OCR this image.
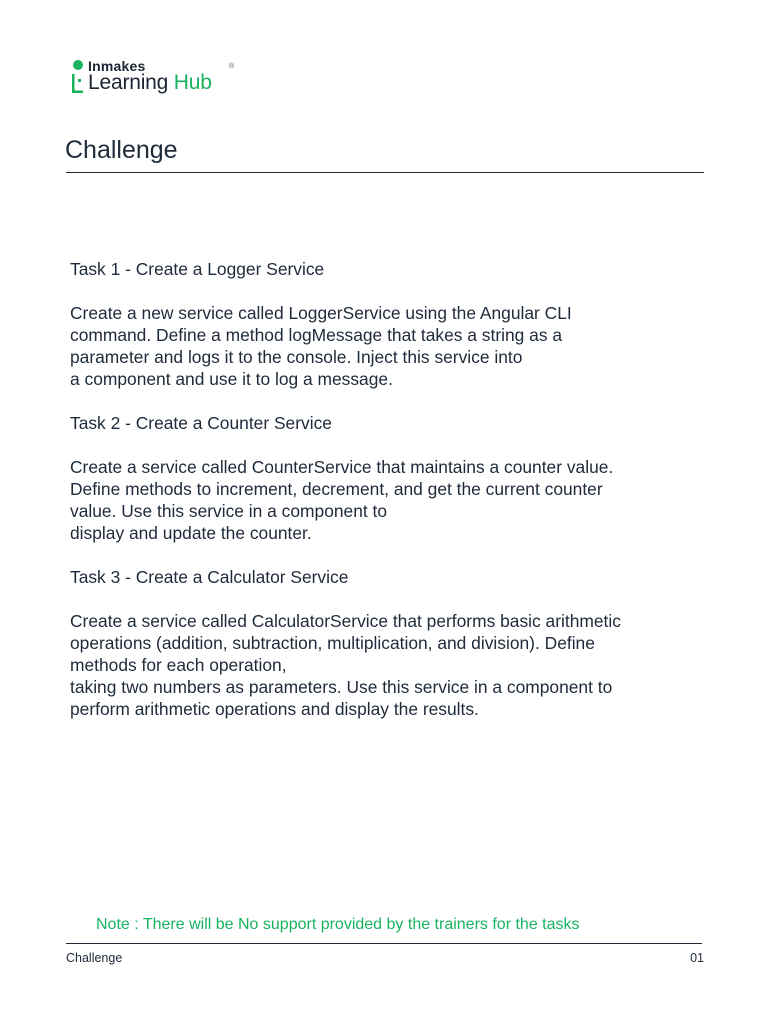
Inmakes
Learning Hub
®
Challenge

Task 1 - Create a Logger Service

Create a new service called LoggerService using the Angular CLI
command. Define a method logMessage that takes a string as a
parameter and logs it to the console. Inject this service into
a component and use it to log a message.

Task 2 - Create a Counter Service

Create a service called CounterService that maintains a counter value.
Define methods to increment, decrement, and get the current counter
value. Use this service in a component to
display and update the counter.

Task 3 - Create a Calculator Service

Create a service called CalculatorService that performs basic arithmetic
operations (addition, subtraction, multiplication, and division). Define
methods for each operation,
taking two numbers as parameters. Use this service in a component to
perform arithmetic operations and display the results.

Note : There will be No support provided by the trainers for the tasks
Challenge	01
